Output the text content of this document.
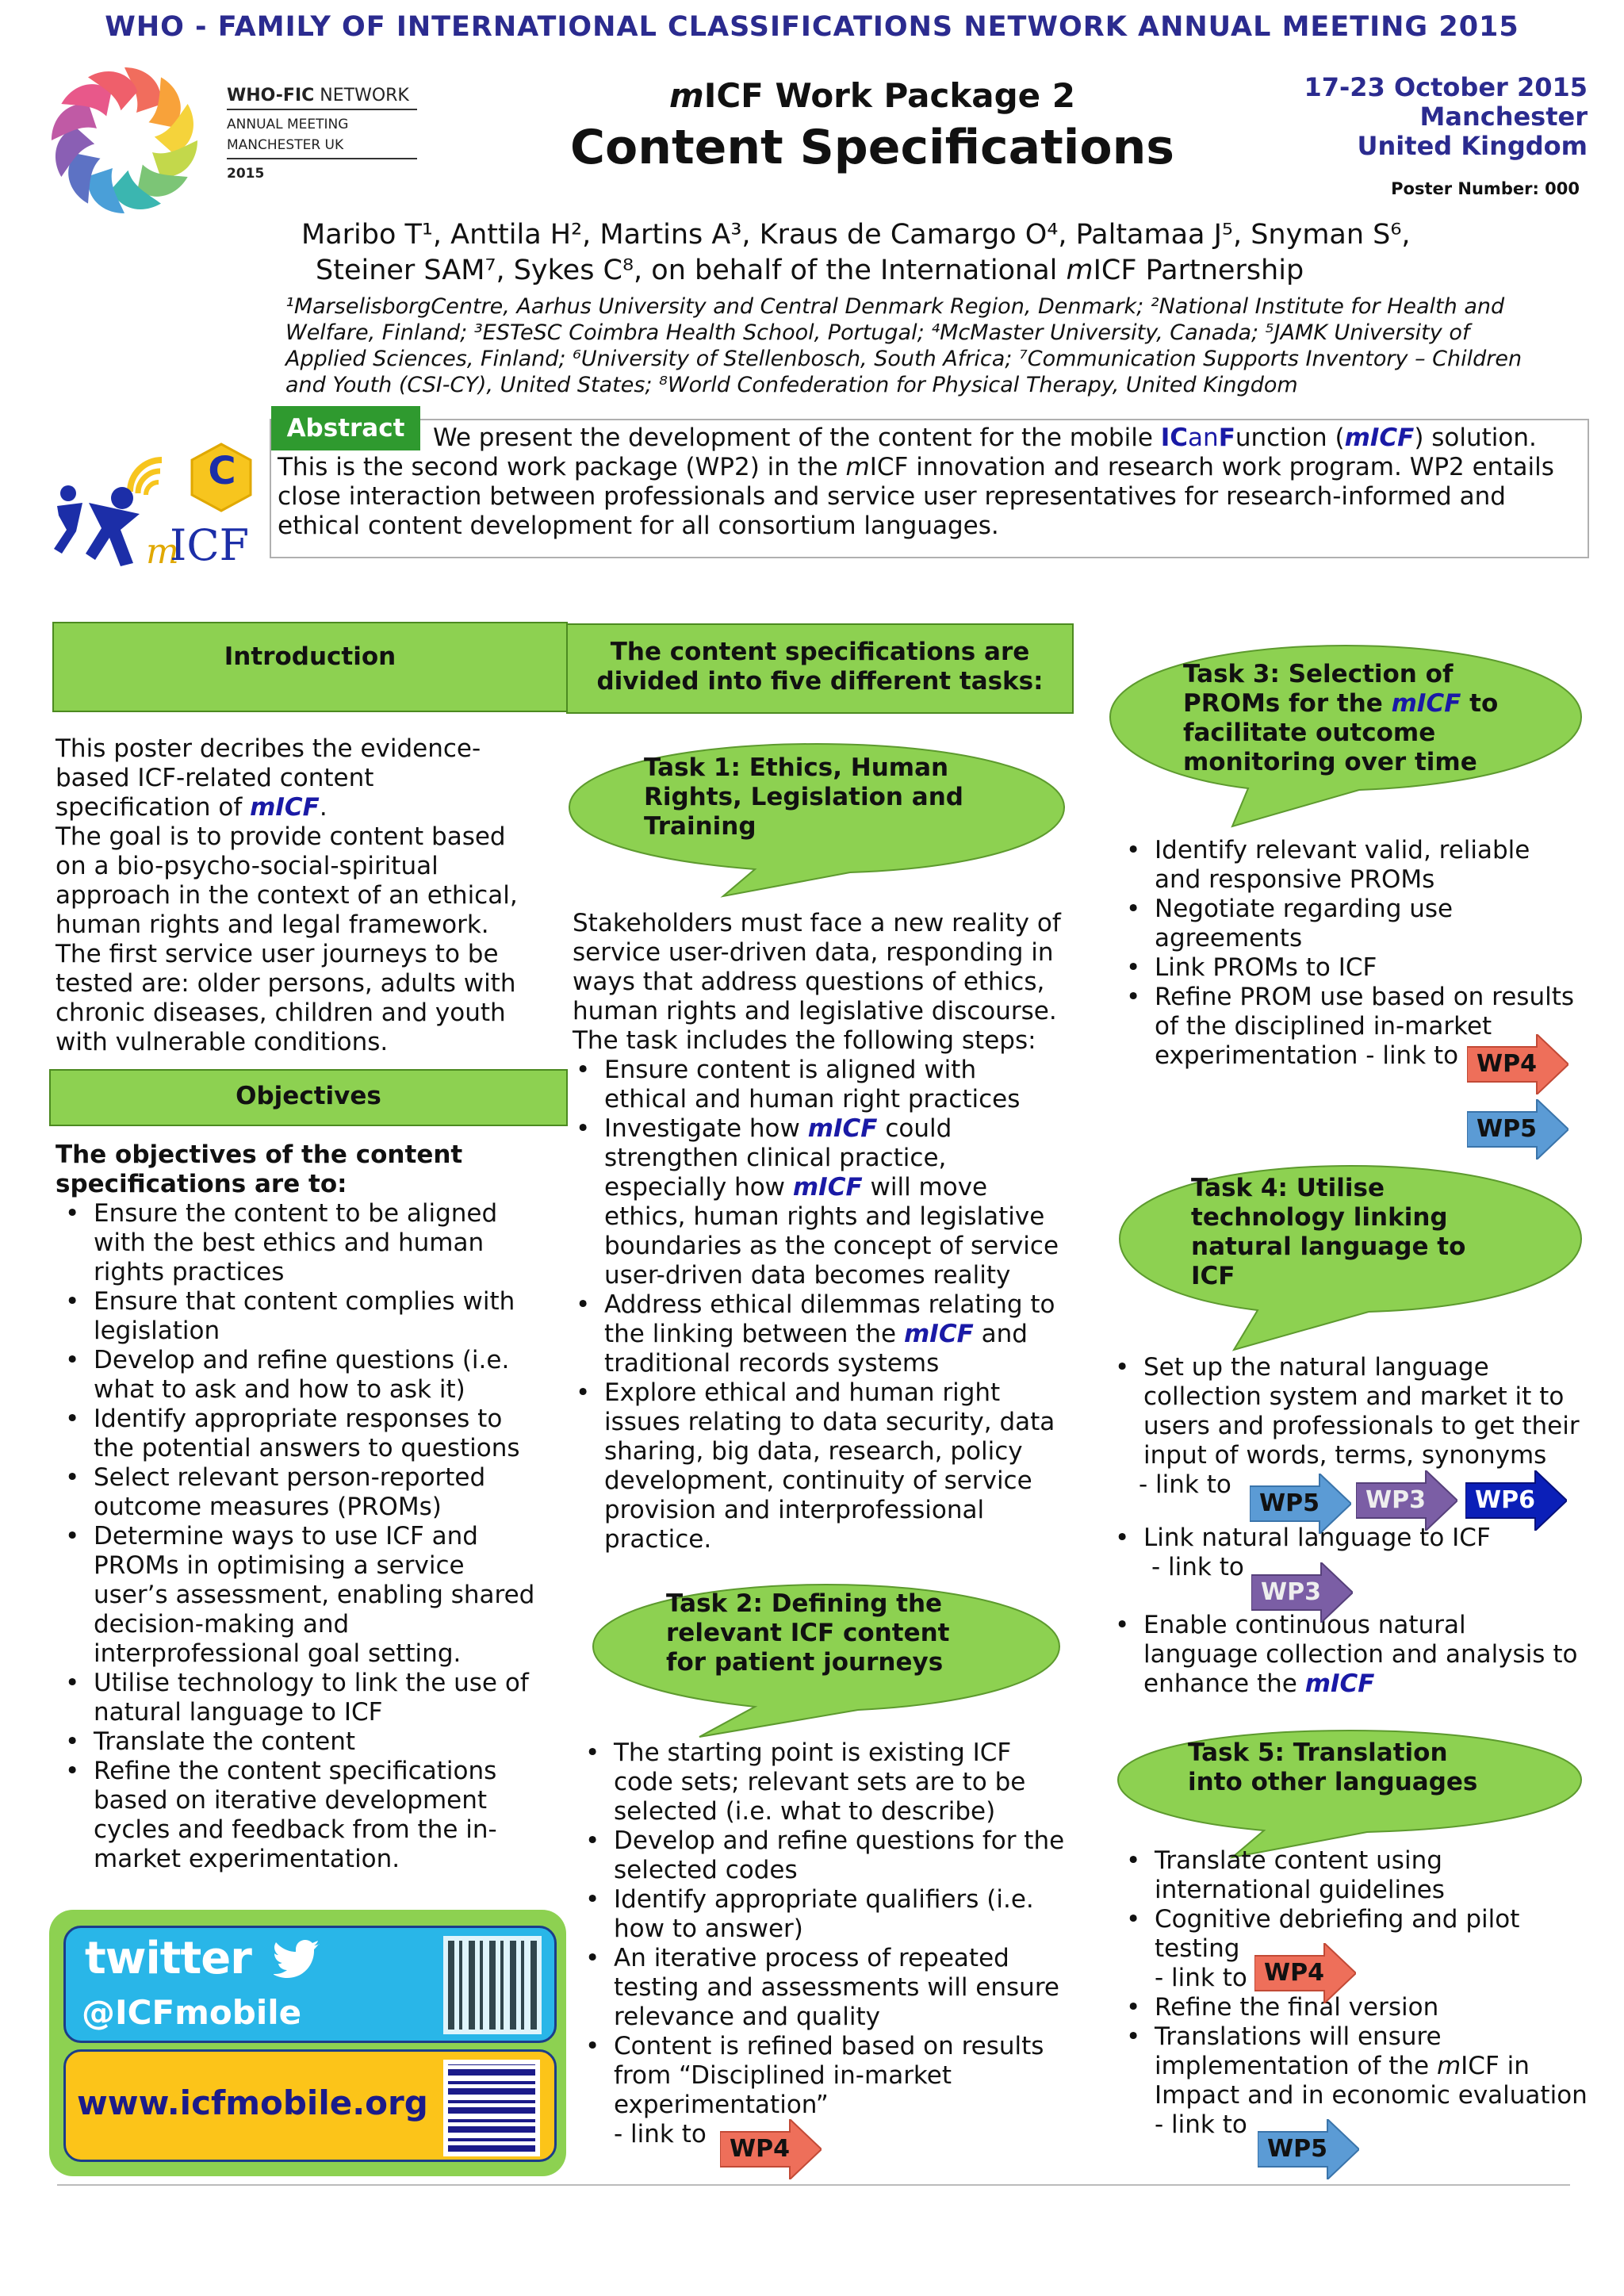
WHO - FAMILY OF INTERNATIONAL CLASSIFICATIONS NETWORK ANNUAL MEETING 2015
WHO-FIC NETWORK
ANNUAL MEETING
MANCHESTER UK
2015
mICF Work Package 2
Content Specifications
17-23 October 2015
Manchester
United Kingdom
Poster Number: 000
Maribo T¹, Anttila H², Martins A³, Kraus de Camargo O⁴, Paltamaa J⁵, Snyman S⁶,
Steiner SAM⁷, Sykes C⁸, on behalf of the International mICF Partnership
¹MarselisborgCentre, Aarhus University and Central Denmark Region, Denmark; ²National Institute for Health and
Welfare, Finland; ³ESTeSC Coimbra Health School, Portugal; ⁴McMaster University, Canada; ⁵JAMK University of
Applied Sciences, Finland; ⁶University of Stellenbosch, South Africa; ⁷Communication Supports Inventory – Children
and Youth (CSI-CY), United States; ⁸World Confederation for Physical Therapy, United Kingdom
C
m
ICF
Abstract	We present the development of the content for the mobile ICanFunction (mICF) solution.
This is the second work package (WP2) in the mICF innovation and research work program. WP2 entails
close interaction between professionals and service user representatives for research-informed and
ethical content development for all consortium languages.
Introduction
This poster decribes the evidence-
based ICF-related content
specification of mICF.
The goal is to provide content based
on a bio-psycho-social-spiritual
approach in the context of an ethical,
human rights and legal framework.
The first service user journeys to be
tested are: older persons, adults with
chronic diseases, children and youth
with vulnerable conditions.
Objectives
The objectives of the content
specifications are to:
• Ensure the content to be aligned
with the best ethics and human
rights practices
• Ensure that content complies with
legislation
• Develop and refine questions (i.e.
what to ask and how to ask it)
• Identify appropriate responses to
the potential answers to questions
• Select relevant person-reported
outcome measures (PROMs)
• Determine ways to use ICF and
PROMs in optimising a service
user’s assessment, enabling shared
decision-making and
interprofessional goal setting.
• Utilise technology to link the use of
natural language to ICF
• Translate the content
• Refine the content specifications
based on iterative development
cycles and feedback from the in-
market experimentation.
twitter
@ICFmobile
www.icfmobile.org
The content specifications are
divided into five different tasks:
Task 1: Ethics, Human
Rights, Legislation and
Training
Stakeholders must face a new reality of
service user-driven data, responding in
ways that address questions of ethics,
human rights and legislative discourse.
The task includes the following steps:
• Ensure content is aligned with
ethical and human right practices
• Investigate how mICF could
strengthen clinical practice,
especially how mICF will move
ethics, human rights and legislative
boundaries as the concept of service
user-driven data becomes reality
• Address ethical dilemmas relating to
the linking between the mICF and
traditional records systems
• Explore ethical and human right
issues relating to data security, data
sharing, big data, research, policy
development, continuity of service
provision and interprofessional
practice.
Task 2: Defining the
relevant ICF content
for patient journeys
• The starting point is existing ICF
code sets; relevant sets are to be
selected (i.e. what to describe)
• Develop and refine questions for the
selected codes
• Identify appropriate qualifiers (i.e.
how to answer)
• An iterative process of repeated
testing and assessments will ensure
relevance and quality
• Content is refined based on results
from “Disciplined in-market
experimentation”
- link to
Task 3: Selection of
PROMs for the mICF to
facilitate outcome
monitoring over time
• Identify relevant valid, reliable
and responsive PROMs
• Negotiate regarding use
agreements
• Link PROMs to ICF
• Refine PROM use based on results
of the disciplined in-market
experimentation - link to
Task 4: Utilise
technology linking
natural language to
ICF
• Set up the natural language
collection system and market it to
users and professionals to get their
input of words, terms, synonyms
- link to
• Link natural language to ICF
- link to
• Enable continuous natural
language collection and analysis to
enhance the mICF
Task 5: Translation
into other languages
• Translate content using
international guidelines
• Cognitive debriefing and pilot
testing
- link to
• Refine the final version
• Translations will ensure
implementation of the mICF in
Impact and in economic evaluation
- link to
WP4
WP4
WP5
WP5 WP3 WP6
WP3
WP4
WP5
